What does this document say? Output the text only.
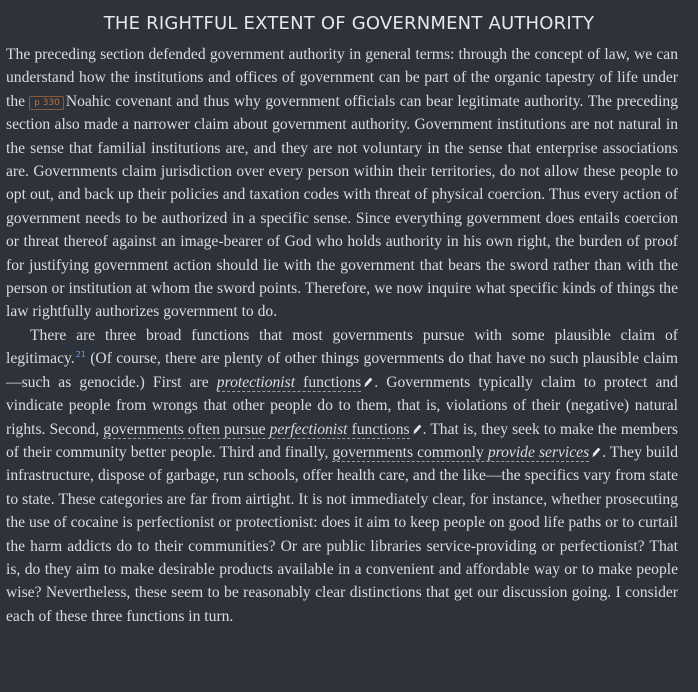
THE RIGHTFUL EXTENT OF GOVERNMENT AUTHORITY

The preceding section defended government authority in general terms: through the concept of law, we can understand how the institutions and offices of government can be part of the organic tapestry of life under the p 330 Noahic covenant and thus why government officials can bear legitimate authority. The preceding section also made a narrower claim about government authority. Government institutions are not natural in the sense that familial institutions are, and they are not voluntary in the sense that enterprise associations are. Governments claim jurisdiction over every person within their territories, do not allow these people to opt out, and back up their policies and taxation codes with threat of physical coercion. Thus every action of government needs to be authorized in a specific sense. Since everything government does entails coercion or threat thereof against an image-bearer of God who holds authority in his own right, the burden of proof for justifying government action should lie with the government that bears the sword rather than with the person or institution at whom the sword points. Therefore, we now inquire what specific kinds of things the law rightfully authorizes government to do.

There are three broad functions that most governments pursue with some plausible claim of legitimacy.$^{21}$ (Of course, there are plenty of other things governments do that have no such plausible claim—such as genocide.) First are protectionist functions . Governments typically claim to protect and vindicate people from wrongs that other people do to them, that is, violations of their (negative) natural rights. Second, governments often pursue perfectionist functions . That is, they seek to make the members of their community better people. Third and finally, governments commonly provide services . They build infrastructure, dispose of garbage, run schools, offer health care, and the like—the specifics vary from state to state. These categories are far from airtight. It is not immediately clear, for instance, whether prosecuting the use of cocaine is perfectionist or protectionist: does it aim to keep people on good life paths or to curtail the harm addicts do to their communities? Or are public libraries service-providing or perfectionist? That is, do they aim to make desirable products available in a convenient and affordable way or to make people wise? Nevertheless, these seem to be reasonably clear distinctions that get our discussion going. I consider each of these three functions in turn.
